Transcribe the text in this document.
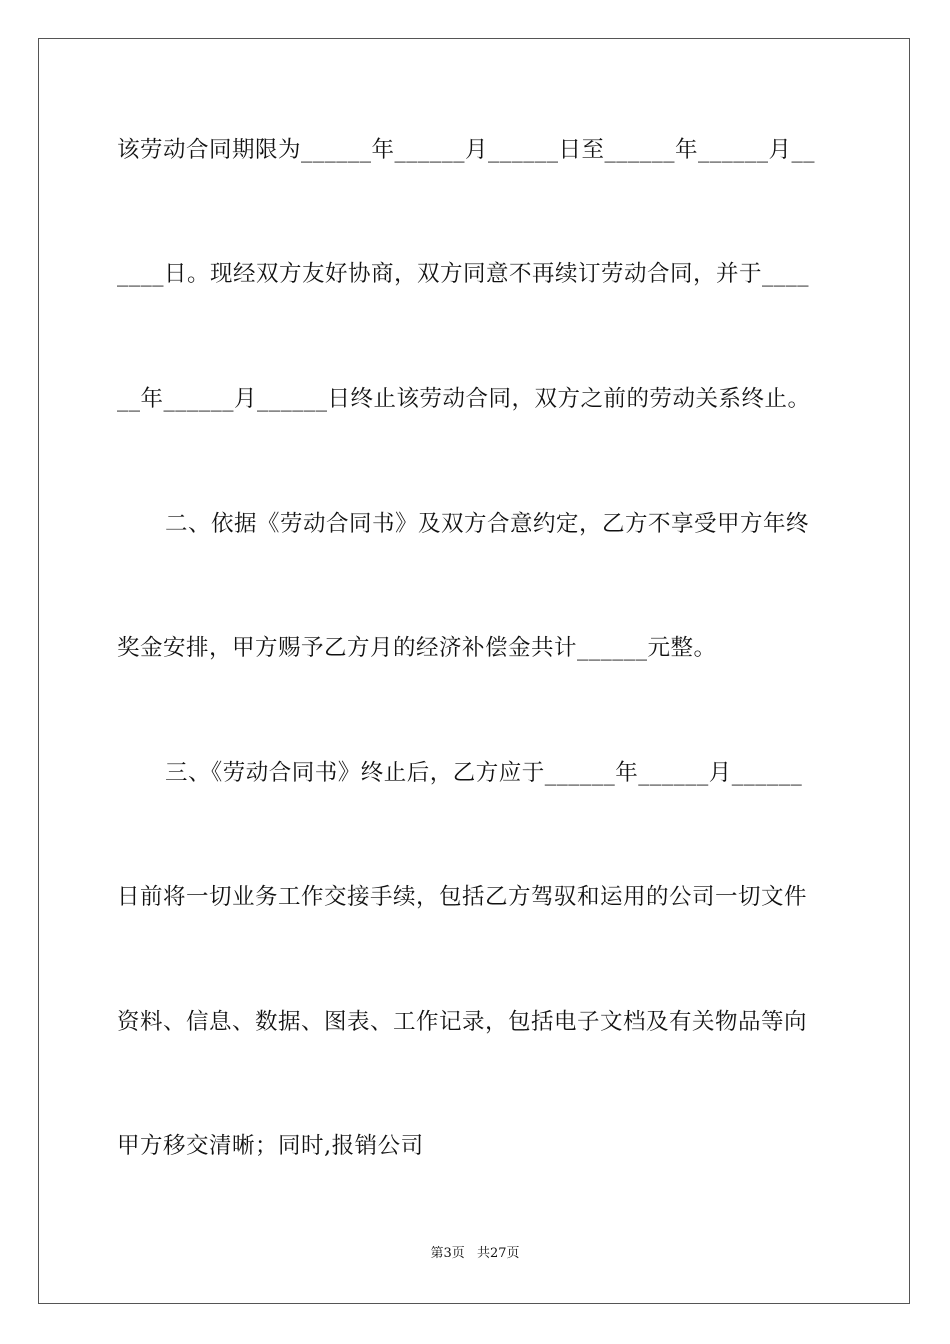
该劳动合同期限为______年______月______日至______年______月__
____日。现经双方友好协商，双方同意不再续订劳动合同，并于____
__年______月______日终止该劳动合同，双方之前的劳动关系终止。
二、依据《劳动合同书》及双方合意约定，乙方不享受甲方年终
奖金安排，甲方赐予乙方月的经济补偿金共计______元整。
三、《劳动合同书》终止后，乙方应于______年______月______
日前将一切业务工作交接手续，包括乙方驾驭和运用的公司一切文件
资料、信息、数据、图表、工作记录，包括电子文档及有关物品等向
甲方移交清晰；同时,报销公司
第3页 共27页
